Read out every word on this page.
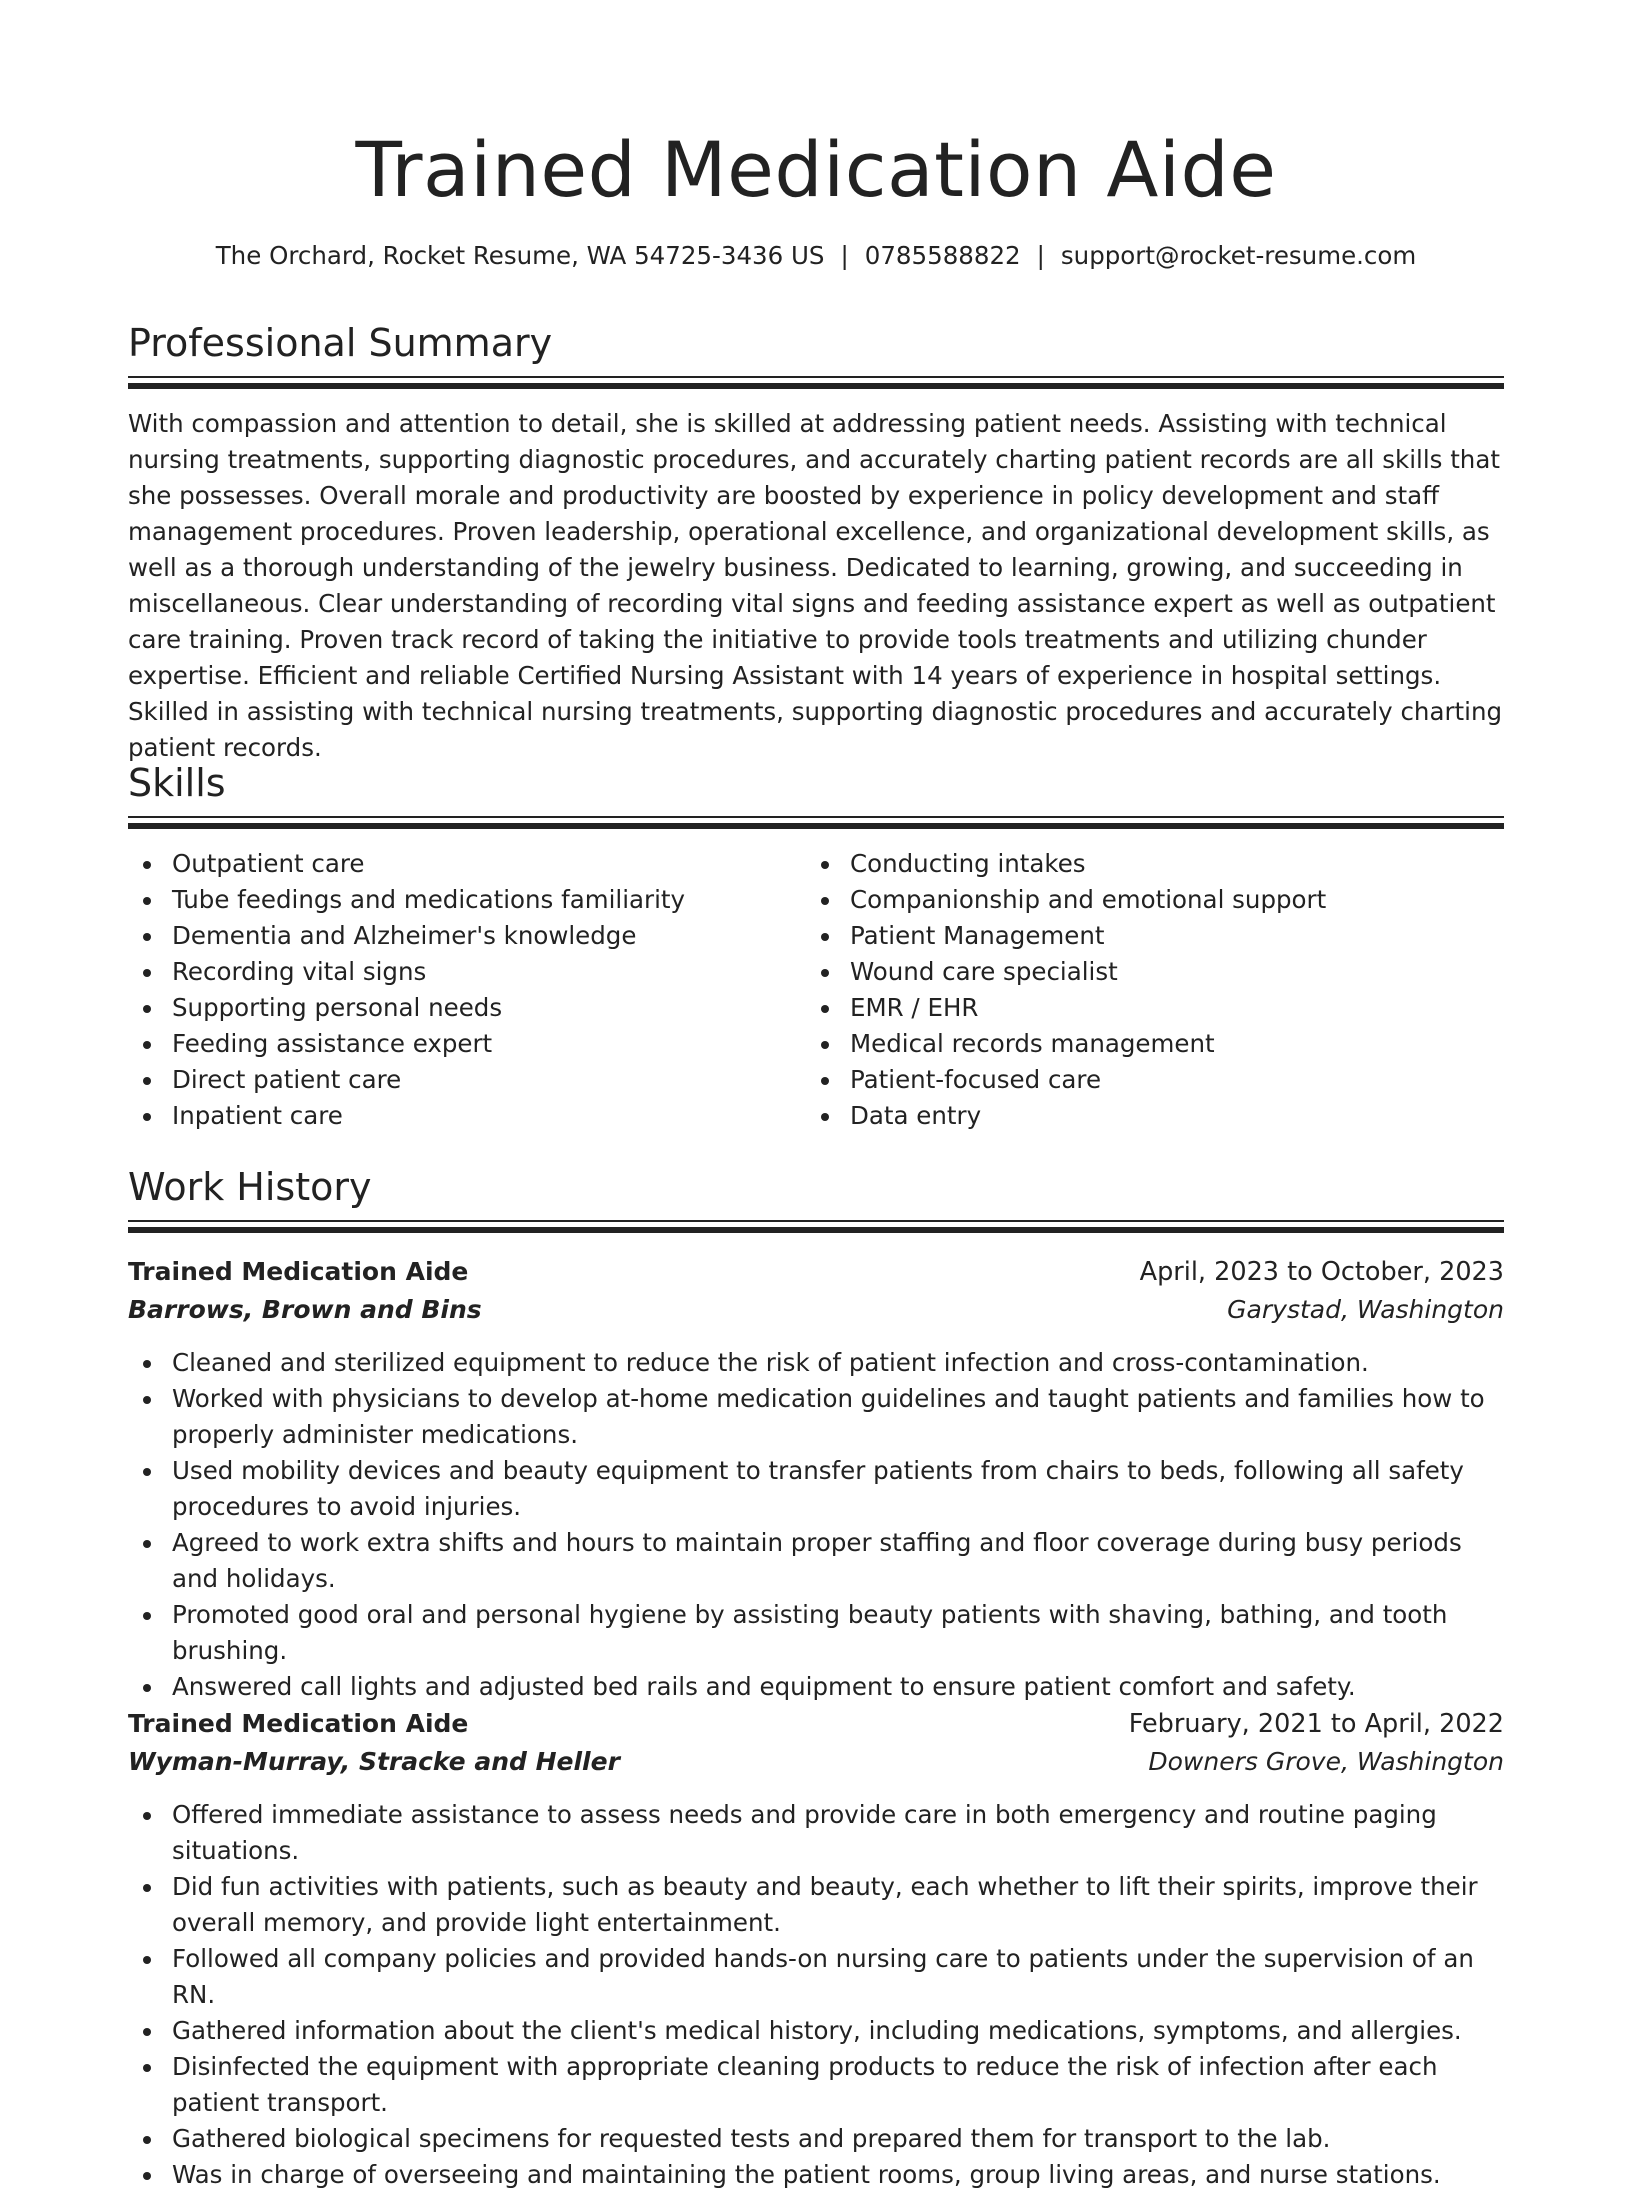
Trained Medication Aide
The Orchard, Rocket Resume, WA 54725-3436 US | 0785588822 | support@rocket-resume.com
Professional Summary

With compassion and attention to detail, she is skilled at addressing patient needs. Assisting with technical nursing treatments, supporting diagnostic procedures, and accurately charting patient records are all skills that she possesses. Overall morale and productivity are boosted by experience in policy development and staff management procedures. Proven leadership, operational excellence, and organizational development skills, as well as a thorough understanding of the jewelry business. Dedicated to learning, growing, and succeeding in miscellaneous. Clear understanding of recording vital signs and feeding assistance expert as well as outpatient care training. Proven track record of taking the initiative to provide tools treatments and utilizing chunder expertise. Efficient and reliable Certified Nursing Assistant with 14 years of experience in hospital settings. Skilled in assisting with technical nursing treatments, supporting diagnostic procedures and accurately charting patient records.

Skills
Outpatient care
Tube feedings and medications familiarity
Dementia and Alzheimer's knowledge
Recording vital signs
Supporting personal needs
Feeding assistance expert
Direct patient care
Inpatient care
Conducting intakes
Companionship and emotional support
Patient Management
Wound care specialist
EMR / EHR
Medical records management
Patient-focused care
Data entry
Work History
Trained Medication Aide	April, 2023 to October, 2023
Barrows, Brown and Bins	Garystad, Washington
Cleaned and sterilized equipment to reduce the risk of patient infection and cross-contamination.
Worked with physicians to develop at-home medication guidelines and taught patients and families how to properly administer medications.
Used mobility devices and beauty equipment to transfer patients from chairs to beds, following all safety procedures to avoid injuries.
Agreed to work extra shifts and hours to maintain proper staffing and floor coverage during busy periods and holidays.
Promoted good oral and personal hygiene by assisting beauty patients with shaving, bathing, and tooth brushing.
Answered call lights and adjusted bed rails and equipment to ensure patient comfort and safety.
Trained Medication Aide	February, 2021 to April, 2022
Wyman-Murray, Stracke and Heller	Downers Grove, Washington
Offered immediate assistance to assess needs and provide care in both emergency and routine paging situations.
Did fun activities with patients, such as beauty and beauty, each whether to lift their spirits, improve their overall memory, and provide light entertainment.
Followed all company policies and provided hands-on nursing care to patients under the supervision of an RN.
Gathered information about the client's medical history, including medications, symptoms, and allergies.
Disinfected the equipment with appropriate cleaning products to reduce the risk of infection after each patient transport.
Gathered biological specimens for requested tests and prepared them for transport to the lab.
Was in charge of overseeing and maintaining the patient rooms, group living areas, and nurse stations.
